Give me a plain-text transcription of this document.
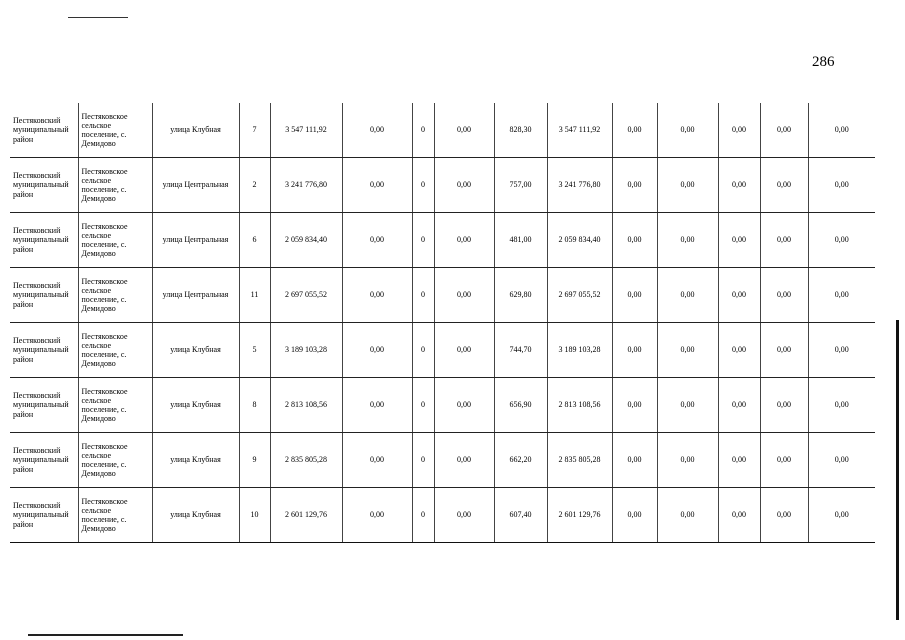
286
Пестяковский муниципальный район	Пестяковское сельское поселение, с. Демидово	улица Клубная	7	3 547 111,92	0,00	0	0,00	828,30	3 547 111,92	0,00	0,00	0,00	0,00	0,00
Пестяковский муниципальный район	Пестяковское сельское поселение, с. Демидово	улица Центральная	2	3 241 776,80	0,00	0	0,00	757,00	3 241 776,80	0,00	0,00	0,00	0,00	0,00
Пестяковский муниципальный район	Пестяковское сельское поселение, с. Демидово	улица Центральная	6	2 059 834,40	0,00	0	0,00	481,00	2 059 834,40	0,00	0,00	0,00	0,00	0,00
Пестяковский муниципальный район	Пестяковское сельское поселение, с. Демидово	улица Центральная	11	2 697 055,52	0,00	0	0,00	629,80	2 697 055,52	0,00	0,00	0,00	0,00	0,00
Пестяковский муниципальный район	Пестяковское сельское поселение, с. Демидово	улица Клубная	5	3 189 103,28	0,00	0	0,00	744,70	3 189 103,28	0,00	0,00	0,00	0,00	0,00
Пестяковский муниципальный район	Пестяковское сельское поселение, с. Демидово	улица Клубная	8	2 813 108,56	0,00	0	0,00	656,90	2 813 108,56	0,00	0,00	0,00	0,00	0,00
Пестяковский муниципальный район	Пестяковское сельское поселение, с. Демидово	улица Клубная	9	2 835 805,28	0,00	0	0,00	662,20	2 835 805,28	0,00	0,00	0,00	0,00	0,00
Пестяковский муниципальный район	Пестяковское сельское поселение, с. Демидово	улица Клубная	10	2 601 129,76	0,00	0	0,00	607,40	2 601 129,76	0,00	0,00	0,00	0,00	0,00
